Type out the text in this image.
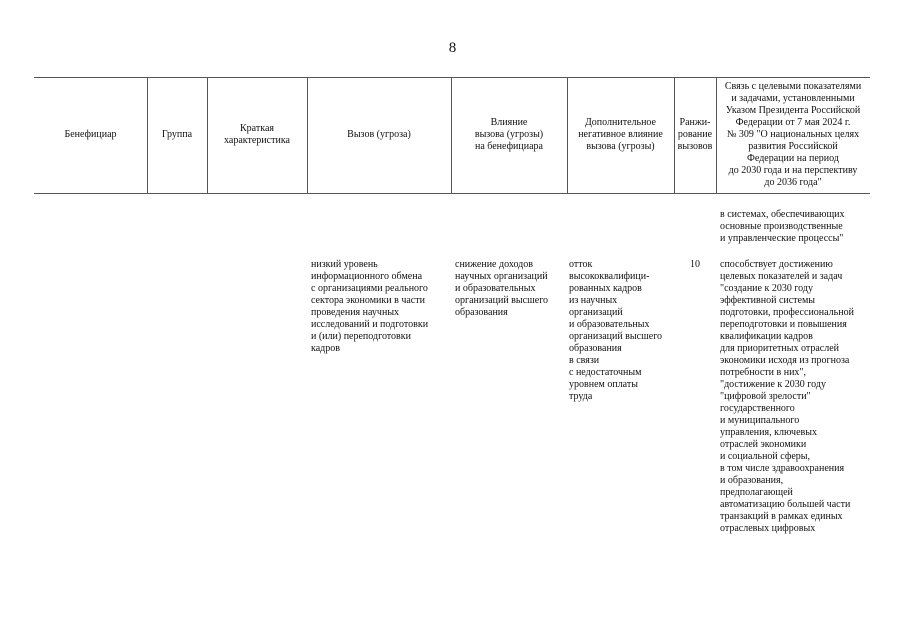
8
Бенефициар	Группа
Краткая
характеристика
Вызов (угроза)
Влияние
вызова (угрозы)
на бенефициара
Дополнительное
негативное влияние
вызова (угрозы)
Ранжи-
рование
вызовов
Связь с целевыми показателями
и задачами, установленными
Указом Президента Российской
Федерации от 7 мая 2024 г.
№ 309 "О национальных целях
развития Российской
Федерации на период
до 2030 года и на перспективу
до 2036 года"
в системах, обеспечивающих
основные производственные
и управленческие процессы"
низкий уровень
информационного обмена
с организациями реального
сектора экономики в части
проведения научных
исследований и подготовки
и (или) переподготовки
кадров
снижение доходов
научных организаций
и образовательных
организаций высшего
образования
отток
высококвалифици-
рованных кадров
из научных
организаций
и образовательных
организаций высшего
образования
в связи
с недостаточным
уровнем оплаты
труда
10	способствует достижению
целевых показателей и задач
"создание к 2030 году
эффективной системы
подготовки, профессиональной
переподготовки и повышения
квалификации кадров
для приоритетных отраслей
экономики исходя из прогноза
потребности в них",
"достижение к 2030 году
"цифровой зрелости"
государственного
и муниципального
управления, ключевых
отраслей экономики
и социальной сферы,
в том числе здравоохранения
и образования,
предполагающей
автоматизацию большей части
транзакций в рамках единых
отраслевых цифровых
